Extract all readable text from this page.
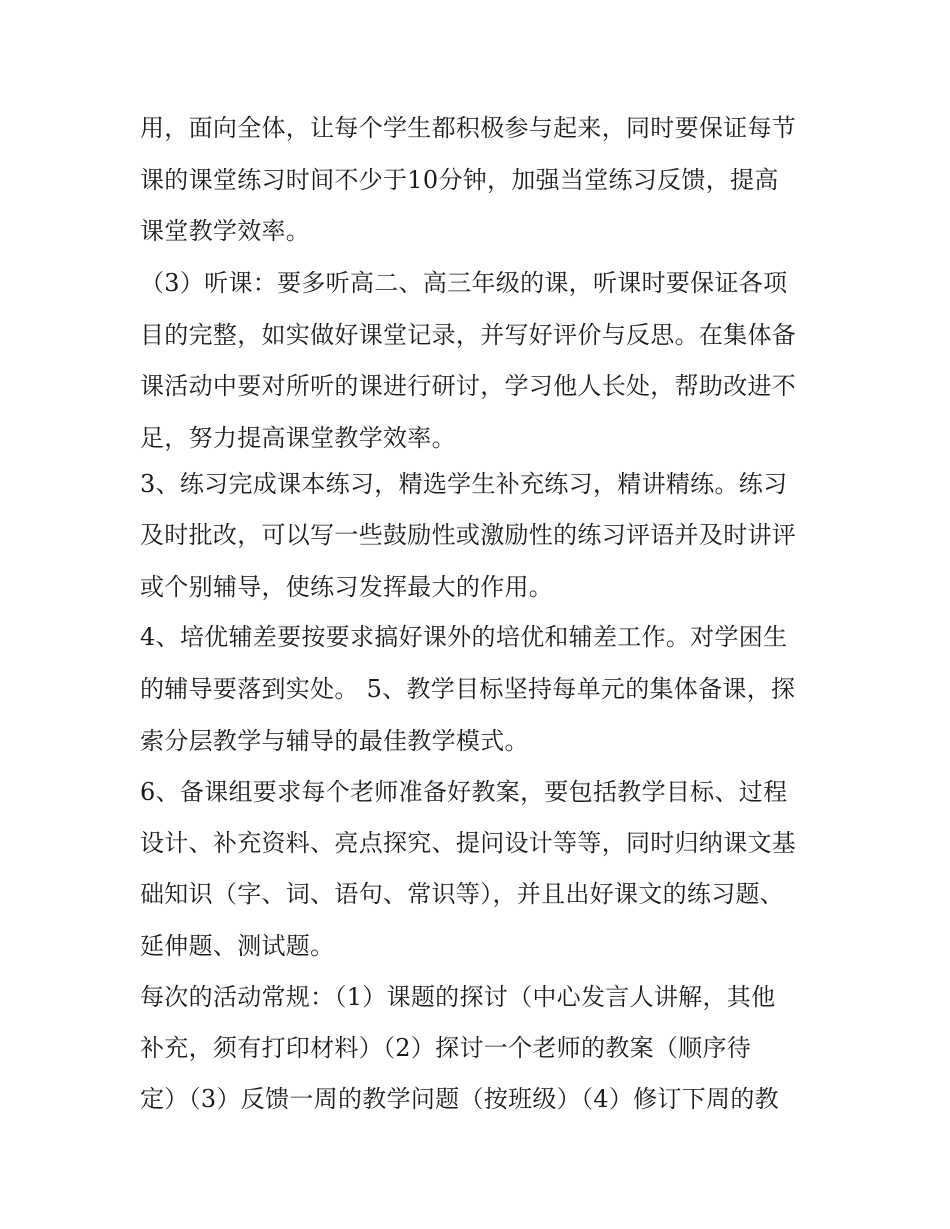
用，面向全体，让每个学生都积极参与起来，同时要保证每节
课的课堂练习时间不少于10分钟，加强当堂练习反馈，提高
课堂教学效率。
（3）听课：要多听高二、高三年级的课，听课时要保证各项
目的完整，如实做好课堂记录，并写好评价与反思。在集体备
课活动中要对所听的课进行研讨，学习他人长处，帮助改进不
足，努力提高课堂教学效率。
3、练习完成课本练习，精选学生补充练习，精讲精练。练习
及时批改，可以写一些鼓励性或激励性的练习评语并及时讲评
或个别辅导，使练习发挥最大的作用。
4、培优辅差要按要求搞好课外的培优和辅差工作。对学困生
的辅导要落到实处。 5、教学目标坚持每单元的集体备课，探
索分层教学与辅导的最佳教学模式。
6、备课组要求每个老师准备好教案，要包括教学目标、过程
设计、补充资料、亮点探究、提问设计等等，同时归纳课文基
础知识（字、词、语句、常识等），并且出好课文的练习题、
延伸题、测试题。
每次的活动常规：（1）课题的探讨（中心发言人讲解，其他
补充，须有打印材料）（2）探讨一个老师的教案（顺序待
定）（3）反馈一周的教学问题（按班级）（4）修订下周的教
